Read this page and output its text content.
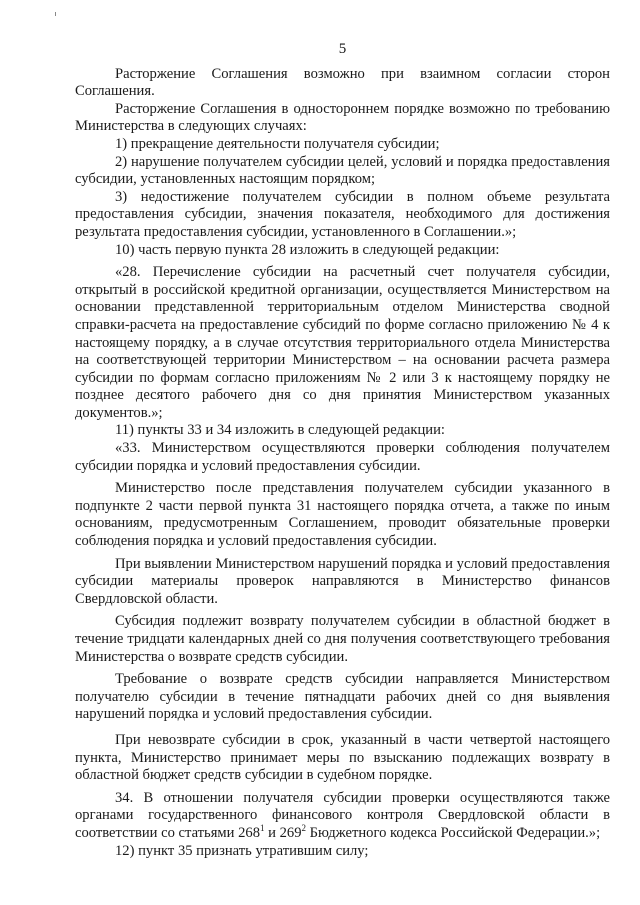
5

Расторжение Соглашения возможно при взаимном согласии сторон Соглашения.

Расторжение Соглашения в одностороннем порядке возможно по требованию Министерства в следующих случаях:

1) прекращение деятельности получателя субсидии;

2) нарушение получателем субсидии целей, условий и порядка предоставления субсидии, установленных настоящим порядком;

3) недостижение получателем субсидии в полном объеме результата предоставления субсидии, значения показателя, необходимого для достижения результата предоставления субсидии, установленного в Соглашении.»;

10) часть первую пункта 28 изложить в следующей редакции:

«28. Перечисление субсидии на расчетный счет получателя субсидии, открытый в российской кредитной организации, осуществляется Министерством на основании представленной территориальным отделом Министерства сводной справки-расчета на предоставление субсидий по форме согласно приложению № 4 к настоящему порядку, а в случае отсутствия территориального отдела Министерства на соответствующей территории Министерством – на основании расчета размера субсидии по формам согласно приложениям № 2 или 3 к настоящему порядку не позднее десятого рабочего дня со дня принятия Министерством указанных документов.»;

11) пункты 33 и 34 изложить в следующей редакции:

«33. Министерством осуществляются проверки соблюдения получателем субсидии порядка и условий предоставления субсидии.

Министерство после представления получателем субсидии указанного в подпункте 2 части первой пункта 31 настоящего порядка отчета, а также по иным основаниям, предусмотренным Соглашением, проводит обязательные проверки соблюдения порядка и условий предоставления субсидии.

При выявлении Министерством нарушений порядка и условий предоставления субсидии материалы проверок направляются в Министерство финансов Свердловской области.

Субсидия подлежит возврату получателем субсидии в областной бюджет в течение тридцати календарных дней со дня получения соответствующего требования Министерства о возврате средств субсидии.

Требование о возврате средств субсидии направляется Министерством получателю субсидии в течение пятнадцати рабочих дней со дня выявления нарушений порядка и условий предоставления субсидии.

При невозврате субсидии в срок, указанный в части четвертой настоящего пункта, Министерство принимает меры по взысканию подлежащих возврату в областной бюджет средств субсидии в судебном порядке.

34. В отношении получателя субсидии проверки осуществляются также органами государственного финансового контроля Свердловской области в соответствии со статьями $268^1$ и $269^2$ Бюджетного кодекса Российской Федерации.»;

12) пункт 35 признать утратившим силу;
